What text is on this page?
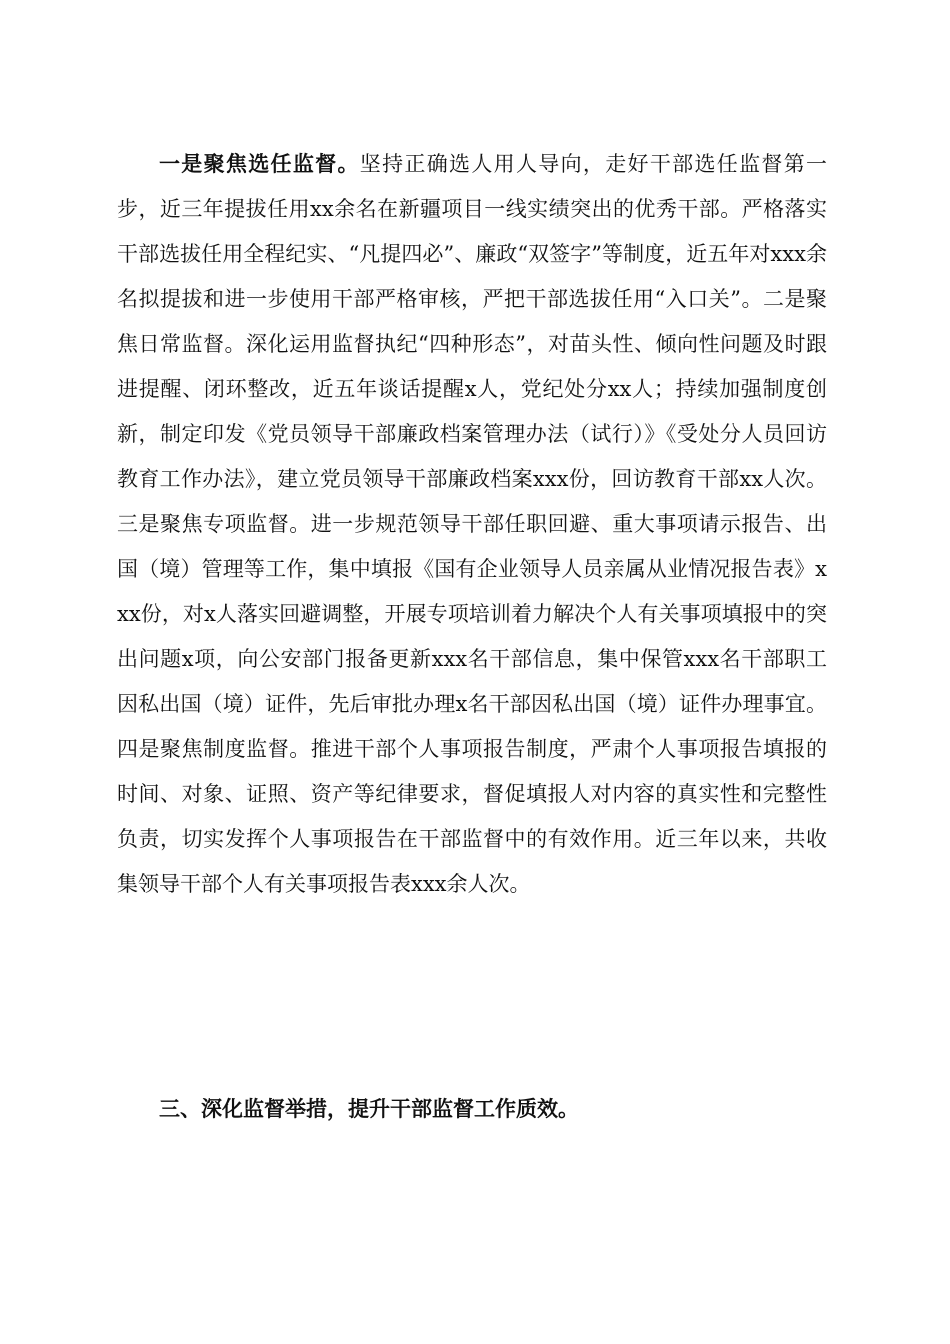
一是聚焦选任监督。坚持正确选人用人导向，走好干部选任监督第一步，近三年提拔任用xx余名在新疆项目一线实绩突出的优秀干部。严格落实干部选拔任用全程纪实、“凡提四必”、廉政“双签字”等制度，近五年对xxx余名拟提拔和进一步使用干部严格审核，严把干部选拔任用“入口关”。二是聚焦日常监督。深化运用监督执纪“四种形态”，对苗头性、倾向性问题及时跟进提醒、闭环整改，近五年谈话提醒x人，党纪处分xx人；持续加强制度创新，制定印发《党员领导干部廉政档案管理办法（试行）》《受处分人员回访教育工作办法》，建立党员领导干部廉政档案xxx份，回访教育干部xx人次。三是聚焦专项监督。进一步规范领导干部任职回避、重大事项请示报告、出国（境）管理等工作，集中填报《国有企业领导人员亲属从业情况报告表》xxx份，对x人落实回避调整，开展专项培训着力解决个人有关事项填报中的突出问题x项，向公安部门报备更新xxx名干部信息，集中保管xxx名干部职工因私出国（境）证件，先后审批办理x名干部因私出国（境）证件办理事宜。四是聚焦制度监督。推进干部个人事项报告制度，严肃个人事项报告填报的时间、对象、证照、资产等纪律要求，督促填报人对内容的真实性和完整性负责，切实发挥个人事项报告在干部监督中的有效作用。近三年以来，共收集领导干部个人有关事项报告表xxx余人次。

三、深化监督举措，提升干部监督工作质效。
